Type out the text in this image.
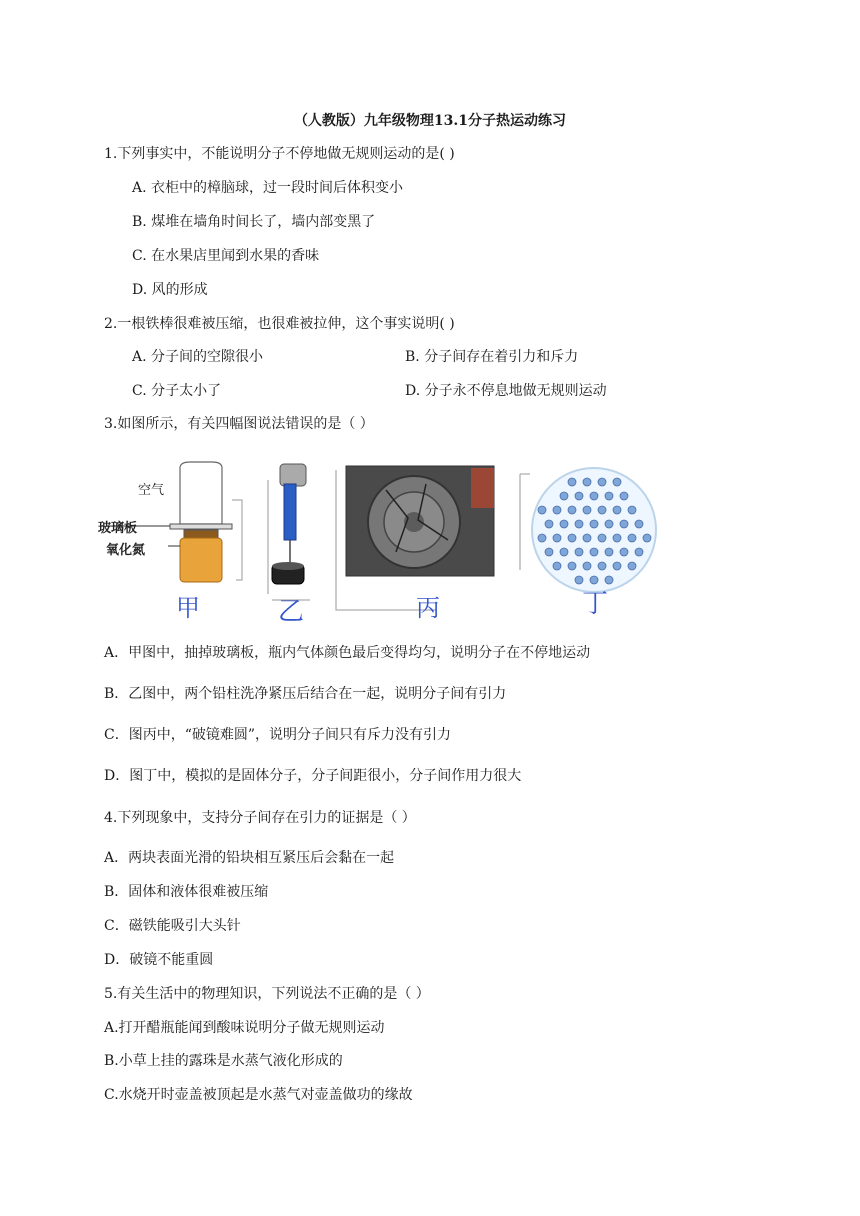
（人教版）九年级物理13.1分子热运动练习
1.下列事实中，不能说明分子不停地做无规则运动的是( )
A. 衣柜中的樟脑球，过一段时间后体积变小
B. 煤堆在墙角时间长了，墙内部变黑了
C. 在水果店里闻到水果的香味
D. 风的形成
2.一根铁棒很难被压缩，也很难被拉伸，这个事实说明( )
A. 分子间的空隙很小	B. 分子间存在着引力和斥力
C. 分子太小了	D. 分子永不停息地做无规则运动
3.如图所示，有关四幅图说法错误的是（ ）
空气
玻璃板
氧化氮
甲	乙	丙	丁
A．甲图中，抽掉玻璃板，瓶内气体颜色最后变得均匀，说明分子在不停地运动
B．乙图中，两个铅柱洗净紧压后结合在一起，说明分子间有引力
C．图丙中，“破镜难圆”，说明分子间只有斥力没有引力
D．图丁中，模拟的是固体分子，分子间距很小，分子间作用力很大
4.下列现象中，支持分子间存在引力的证据是（ ）
A．两块表面光滑的铅块相互紧压后会黏在一起
B．固体和液体很难被压缩
C．磁铁能吸引大头针
D．破镜不能重圆
5.有关生活中的物理知识，下列说法不正确的是（ ）
A.打开醋瓶能闻到酸味说明分子做无规则运动
B.小草上挂的露珠是水蒸气液化形成的
C.水烧开时壶盖被顶起是水蒸气对壶盖做功的缘故
